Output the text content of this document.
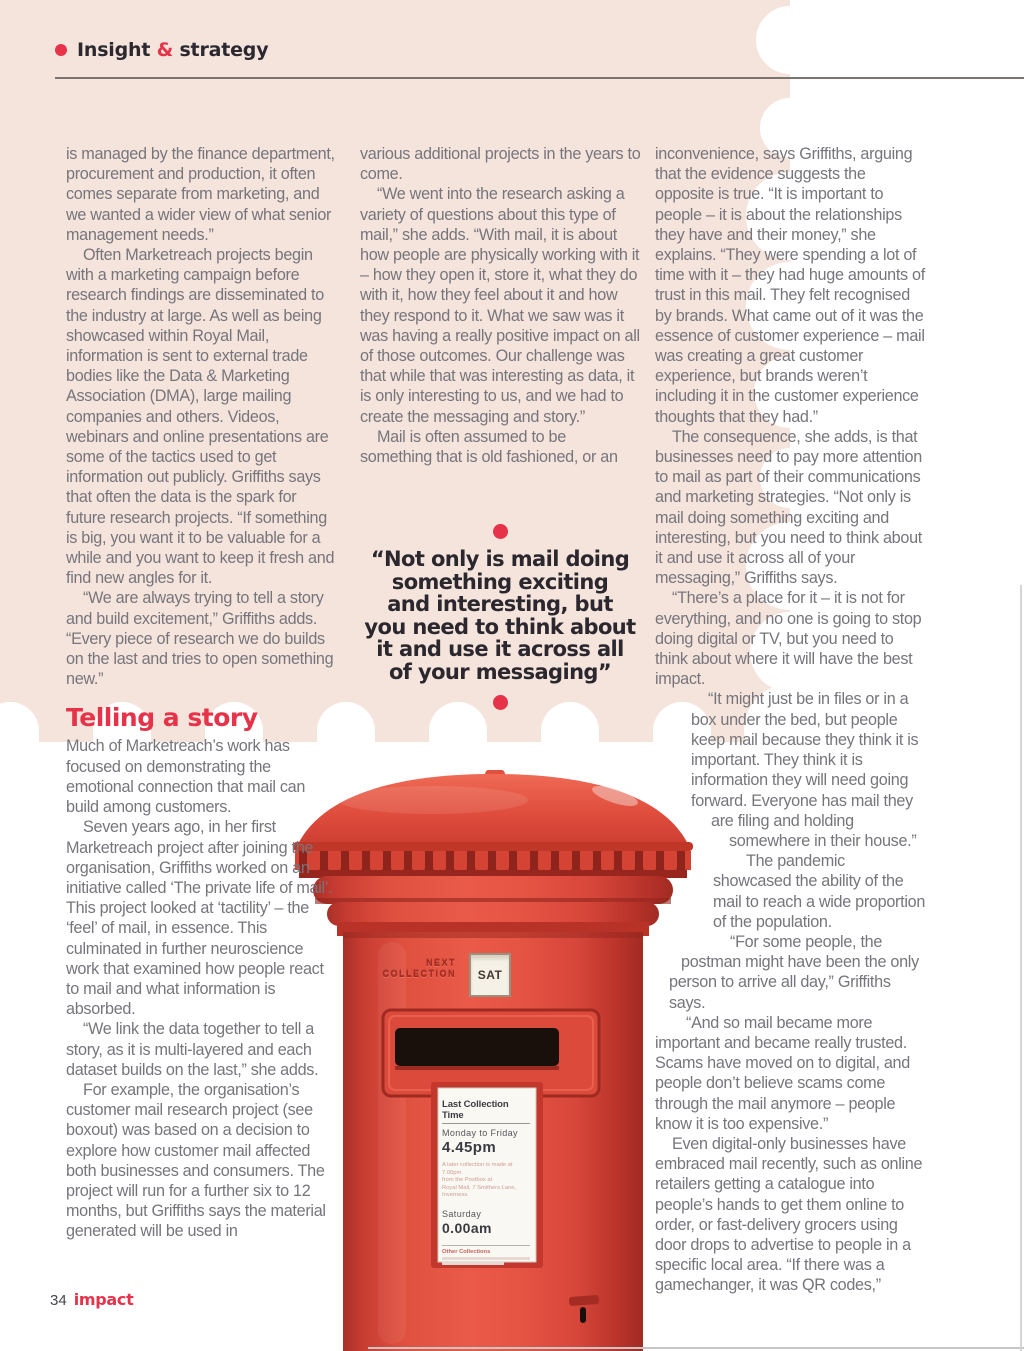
Insight & strategy

is managed by the finance department, procurement and production, it often comes separate from marketing, and we wanted a wider view of what senior management needs.”

Often Marketreach projects begin with a marketing campaign before research findings are disseminated to the industry at large. As well as being showcased within Royal Mail, information is sent to external trade bodies like the Data & Marketing Association (DMA), large mailing companies and others. Videos, webinars and online presentations are some of the tactics used to get information out publicly. Griffiths says that often the data is the spark for future research projects. “If something is big, you want it to be valuable for a while and you want to keep it fresh and find new angles for it.

“We are always trying to tell a story and build excitement,” Griffiths adds. “Every piece of research we do builds on the last and tries to open something new.”

Telling a story

Much of Marketreach’s work has focused on demonstrating the emotional connection that mail can build among customers.

Seven years ago, in her first Marketreach project after joining the organisation, Griffiths worked on an initiative called ‘The private life of mail’. This project looked at ‘tactility’ – the ‘feel’ of mail, in essence. This culminated in further neuroscience work that examined how people react to mail and what information is absorbed.

“We link the data together to tell a story, as it is multi-layered and each dataset builds on the last,” she adds.

For example, the organisation’s customer mail research project (see boxout) was based on a decision to explore how customer mail affected both businesses and consumers. The project will run for a further six to 12 months, but Griffiths says the material generated will be used in

various additional projects in the years to come.

“We went into the research asking a variety of questions about this type of mail,” she adds. “With mail, it is about how people are physically working with it – how they open it, store it, what they do with it, how they feel about it and how they respond to it. What we saw was it was having a really positive impact on all of those outcomes. Our challenge was that while that was interesting as data, it is only interesting to us, and we had to create the messaging and story.”

Mail is often assumed to be something that is old fashioned, or an

“Not only is mail doing
something exciting
and interesting, but
you need to think about
it and use it across all
of your messaging”

inconvenience, says Griffiths, arguing that the evidence suggests the opposite is true. “It is important to people – it is about the relationships they have and their money,” she explains. “They were spending a lot of time with it – they had huge amounts of trust in this mail. They felt recognised by brands. What came out of it was the essence of customer experience – mail was creating a great customer experience, but brands weren’t including it in the customer experience thoughts that they had.”

The consequence, she adds, is that businesses need to pay more attention to mail as part of their communications and marketing strategies. “Not only is mail doing something exciting and interesting, but you need to think about it and use it across all of your messaging,” Griffiths says.

“There’s a place for it – it is not for everything, and no one is going to stop doing digital or TV, but you need to think about where it will have the best impact.

“It might just be in files or in a box under the bed, but people keep mail because they think it is important. They think it is information they will need going forward. Everyone has mail they are filing and holding somewhere in their house.”

The pandemic showcased the ability of the mail to reach a wide proportion of the population.

“For some people, the postman might have been the only person to arrive all day,” Griffiths says.

“And so mail became more important and became really trusted. Scams have moved on to digital, and people don’t believe scams come through the mail anymore – people know it is too expensive.”

Even digital-only businesses have embraced mail recently, such as online retailers getting a catalogue into people’s hands to get them online to order, or fast-delivery grocers using door drops to advertise to people in a specific local area. “If there was a gamechanger, it was QR codes,”

NEXT
COLLECTION	SAT
Last Collection Time
Monday to Friday
4.45pm
A later collection is made at 7.00pm
from the Postbox at
Royal Mail, 7 Smithers Lane,
Inverness.
Saturday
0.00am
Other Collections
34 impact
